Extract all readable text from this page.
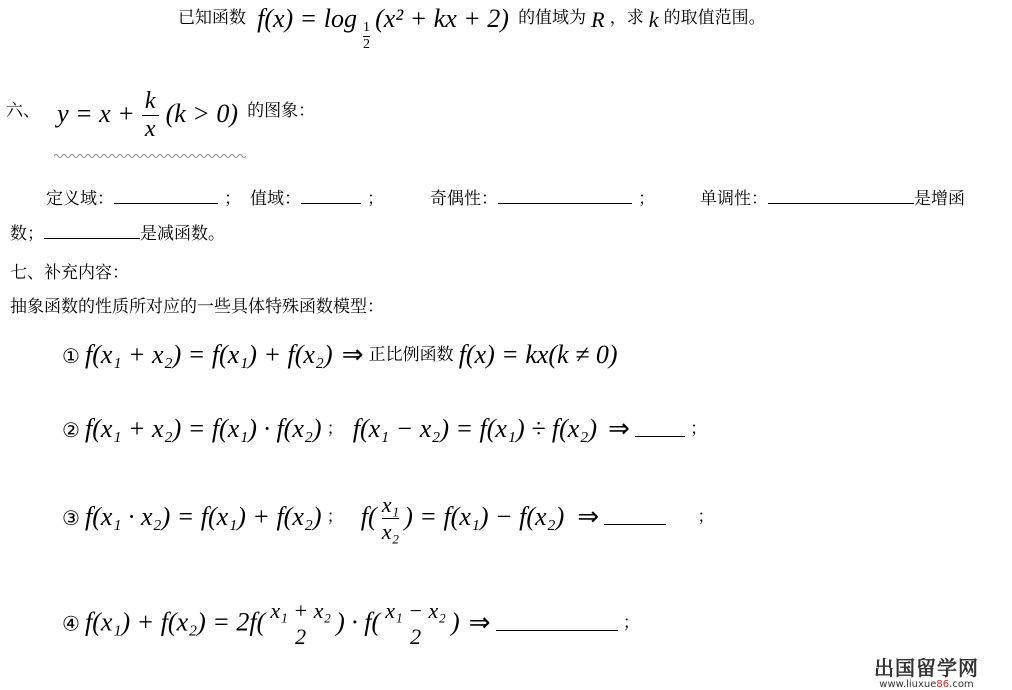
已知函数 f(x) = log
$\frac{1}{2}$
(x² + kx + 2) 的值域为 R ，求 k 的取值范围。
六、 $y = x + \frac{k}{x} (k > 0)$ 的图象：
定义域：	； 值域：	；	奇偶性：	；	单调性：	是增函
数；	是减函数。
七、补充内容：
抽象函数的性质所对应的一些具体特殊函数模型：
① f(x₁ + x₂) = f(x₁) + f(x₂) ⇒ 正比例函数 f(x) = kx(k ≠ 0)
② f(x₁ + x₂) = f(x₁) · f(x₂) ； f(x₁ − x₂) = f(x₁) ÷ f(x₂) ⇒	；
③ f(x₁ · x₂) = f(x₁) + f(x₂) ； $f( \frac{\text{x₁}}{\text{x₂}}$ ) = f(x₁) − f(x₂) ⇒	；
④ f(x₁) + f(x₂) = 2f( x₁ + x₂
2	) · f( x₁ − x₂
2	) ⇒	；
出国留学网
www.liuxue86.com
